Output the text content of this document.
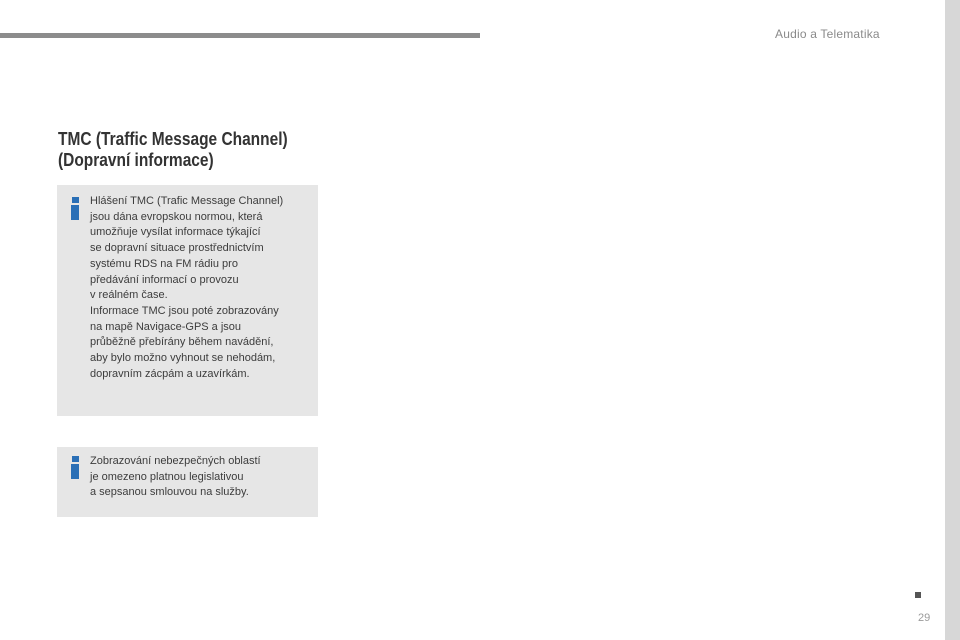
Audio a Telematika
TMC (Traffic Message Channel)
(Dopravní informace)
Hlášení TMC (Trafic Message Channel)
jsou dána evropskou normou, která
umožňuje vysílat informace týkající
se dopravní situace prostřednictvím
systému RDS na FM rádiu pro
předávání informací o provozu
v reálném čase.
Informace TMC jsou poté zobrazovány
na mapě Navigace-GPS a jsou
průběžně přebírány během navádění,
aby bylo možno vyhnout se nehodám,
dopravním zácpám a uzavírkám.
Zobrazování nebezpečných oblastí
je omezeno platnou legislativou
a sepsanou smlouvou na služby.
29
